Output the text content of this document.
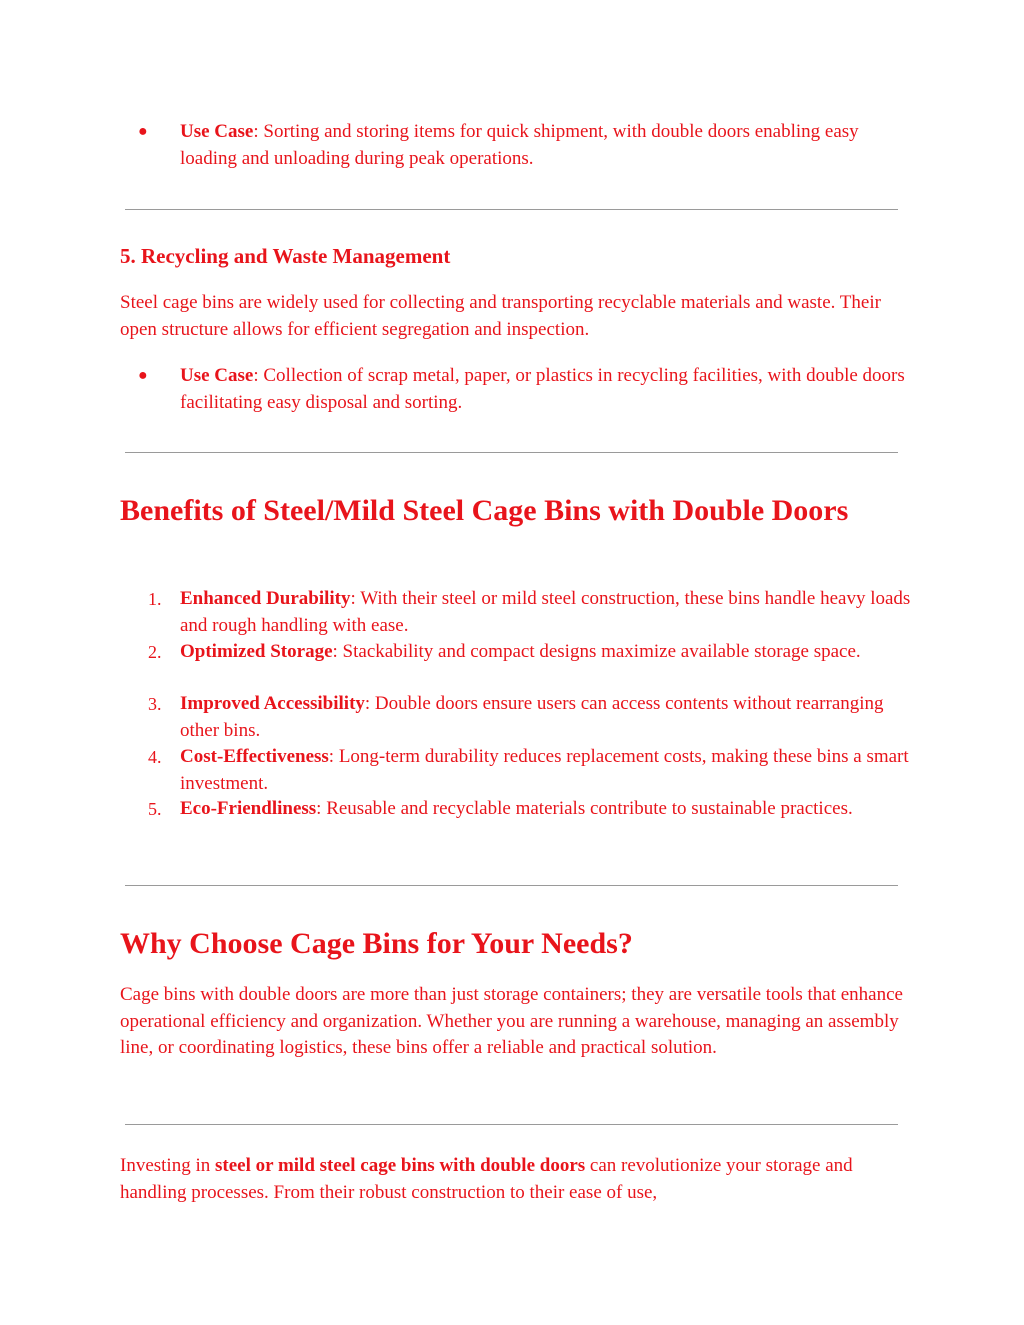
●	Use Case: Sorting and storing items for quick shipment, with double doors enabling easy loading and unloading during peak operations.
5. Recycling and Waste Management
Steel cage bins are widely used for collecting and transporting recyclable materials and waste. Their open structure allows for efficient segregation and inspection.
●	Use Case: Collection of scrap metal, paper, or plastics in recycling facilities, with double doors facilitating easy disposal and sorting.
Benefits of Steel/Mild Steel Cage Bins with Double Doors
1. Enhanced Durability: With their steel or mild steel construction, these bins handle heavy loads and rough handling with ease.
2. Optimized Storage: Stackability and compact designs maximize available storage space.
3. Improved Accessibility: Double doors ensure users can access contents without rearranging other bins.
4. Cost-Effectiveness: Long-term durability reduces replacement costs, making these bins a smart investment.
5. Eco-Friendliness: Reusable and recyclable materials contribute to sustainable practices.
Why Choose Cage Bins for Your Needs?
Cage bins with double doors are more than just storage containers; they are versatile tools that enhance operational efficiency and organization. Whether you are running a warehouse, managing an assembly line, or coordinating logistics, these bins offer a reliable and practical solution.
Investing in steel or mild steel cage bins with double doors can revolutionize your storage and handling processes. From their robust construction to their ease of use,
